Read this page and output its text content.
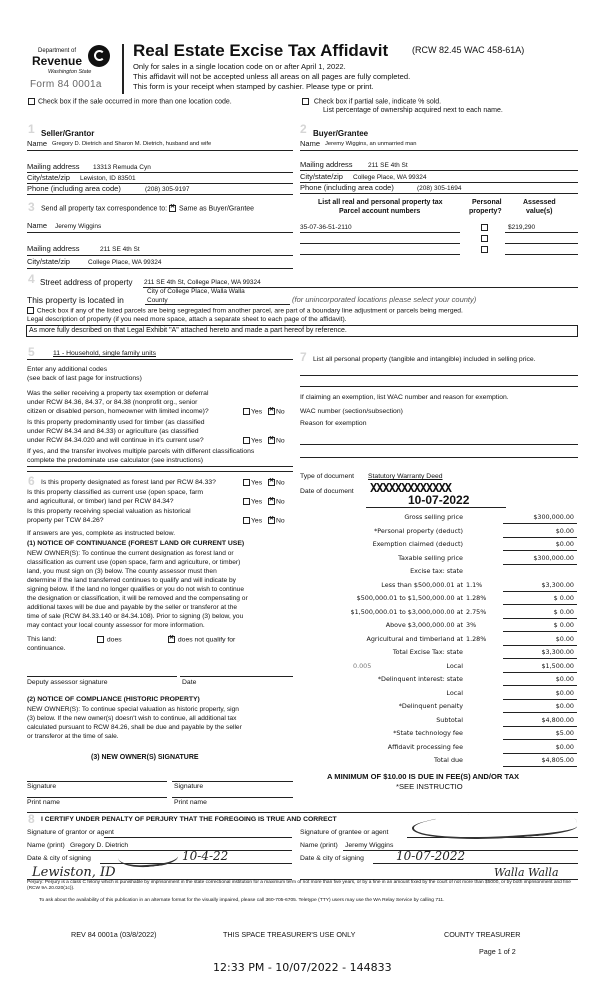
Department of
Revenue
Washington State
Form 84 0001a
Real Estate Excise Tax Affidavit	(RCW 82.45 WAC 458-61A)
Only for sales in a single location code on or after April 1, 2022.
This affidavit will not be accepted unless all areas on all pages are fully completed.
This form is your receipt when stamped by cashier. Please type or print.
Check box if the sale occurred in more than one location code.	Check box if partial sale, indicate % sold.
List percentage of ownership acquired next to each name.
1 Seller/Grantor	2 Buyer/Grantee
Name Gregory D. Dietrich and Sharon M. Dietrich, husband and wife	Name Jeremy Wiggins, an unmarried man
Mailing address 13313 Remuda Cyn
City/state/zip Lewiston, ID 83501
Phone (including area code)	(208) 305-9197
Mailing address 211 SE 4th St
City/state/zip College Place, WA 99324
Phone (including area code)	(208) 305-1694
3 Send all property tax correspondence to: ✕ Same as Buyer/Grantee
Name Jeremy Wiggins
Mailing address	211 SE 4th St
City/state/zip	College Place, WA 99324
List all real and personal property tax
Parcel account numbers
Personal
property?
Assessed
value(s)
35-07-36-51-2110	$219,290
4 Street address of property 211 SE 4th St, College Place, WA 99324
This property is located in
City of College Place, Walla Walla
County	(for unincorporated locations please select your county)
Check box if any of the listed parcels are being segregated from another parcel, are part of a boundary line adjustment or parcels being merged.
Legal description of property (if you need more space, attach a separate sheet to each page of the affidavit).
As more fully described on that Legal Exhibit "A" attached hereto and made a part hereof by reference.
5	11 - Household, single family units
Enter any additional codes
(see back of last page for instructions)
Was the seller receiving a property tax exemption or deferral
under RCW 84.36, 84.37, or 84.38 (nonprofit org., senior
citizen or disabled person, homeowner with limited income)?	Yes ✕	No
Is this property predominantly used for timber (as classified
under RCW 84.34 and 84.33) or agriculture (as classified
under RCW 84.34.020 and will continue in it's current use?	Yes ✕	No
If yes, and the transfer involves multiple parcels with different classifications
complete the predominate use calculator (see instructions)
7 List all personal property (tangible and intangible) included in selling price.
If claiming an exemption, list WAC number and reason for exemption.
WAC number (section/subsection)
Reason for exemption
Type of document Statutory Warranty Deed
Date of document XXXXXXXXXXXXX
10-07-2022
6 Is this property designated as forest land per RCW 84.33?	Yes ✕	No
Is this property classified as current use (open space, farm
and agricultural, or timber) land per RCW 84.34?	Yes ✕	No
Is this property receiving special valuation as historical
property per TCW 84.26?	Yes ✕	No
If answers are yes, complete as instructed below.
(1) NOTICE OF CONTINUANCE (FOREST LAND OR CURRENT USE)
NEW OWNER(S): To continue the current designation as forest land or
classification as current use (open space, farm and agriculture, or timber)
land, you must sign on (3) below. The county assessor must then
determine if the land transferred continues to qualify and will indicate by
signing below. If the land no longer qualifies or you do not wish to continue
the designation or classification, it will be removed and the compensating or
additional taxes will be due and payable by the seller or transferor at the
time of sale (RCW 84.33.140 or 84.34.108). Prior to signing (3) below, you
may contact your local county assessor for more information.
This land:	does ✕	does not qualify for
continuance.
Deputy assessor signature	Date
(2) NOTICE OF COMPLIANCE (HISTORIC PROPERTY)
NEW OWNER(S): To continue special valuation as historic property, sign
(3) below. If the new owner(s) doesn't wish to continue, all additional tax
calculated pursuant to RCW 84.26, shall be due and payable by the seller
or transferor at the time of sale.
(3) NEW OWNER(S) SIGNATURE
Signature	Signature
Print name	Print name
Gross selling price	$300,000.00
*Personal property (deduct)	$0.00
Exemption claimed (deduct)	$0.00
Taxable selling price	$300,000.00
Excise tax: state
1.1%
Less than $500,000.01 at	$3,300.00
1.28%
$500,000.01 to $1,500,000.00 at	$ 0.00
2.75%
$1,500,000.01 to $3,000,000.00 at	$ 0.00
3%
Above $3,000,000.00 at	$ 0.00
1.28%
Agricultural and timberland at	$0.00
Total Excise Tax: state	$3,300.00
0.005	Local	$1,500.00
*Delinquent interest: state	$0.00
Local	$0.00
*Delinquent penalty	$0.00
Subtotal	$4,800.00
*State technology fee	$5.00
Affidavit processing fee	$0.00
Total due	$4,805.00
A MINIMUM OF $10.00 IS DUE IN FEE(S) AND/OR TAX
*SEE INSTRUCTIO
8 I CERTIFY UNDER PENALTY OF PERJURY THAT THE FOREGOING IS TRUE AND CORRECT
Signature of grantor or agent
Name (print) Gregory D. Dietrich
Date & city of signing	10-4-22
Lewiston, ID
Signature of grantee or agent
Name (print) Jeremy Wiggins
Date & city of signing	10-07-2022
Walla Walla
Perjury: Perjury is a class C felony which is punishable by imprisonment in the state correctional institution for a maximum term of not more than five years, or by a fine in an amount fixed by the court of not more than $5000, or by both imprisonment and fine (RCW 9A.20.020(1c)).
To ask about the availability of this publication in an alternate format for the visually impaired, please call 360-705-6705. Teletype (TTY) users may use the WA Relay Service by calling 711.
REV 84 0001a (03/8/2022)	THIS SPACE TREASURER'S USE ONLY	COUNTY TREASURER
Page 1 of 2
12:33 PM - 10/07/2022 - 144833
